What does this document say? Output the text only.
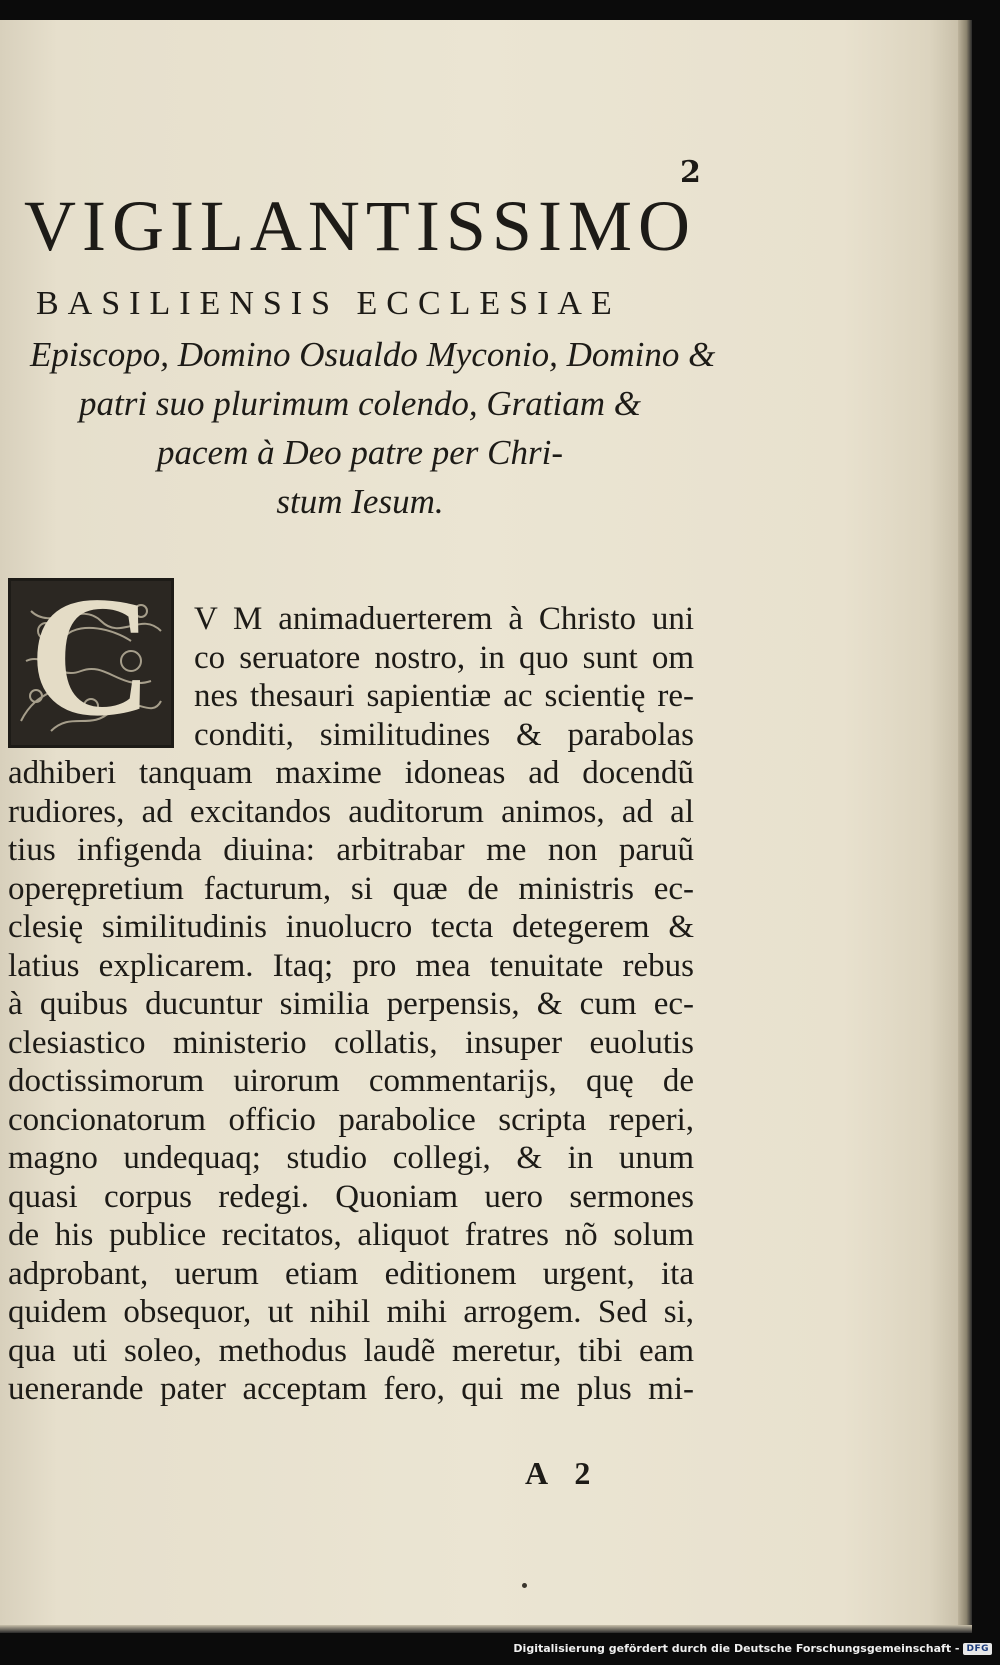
2
VIGILANTISSIMO
BASILIENSIS ECCLESIAE
Episcopo, Domino Osualdo Myconio, Domino &
patri suo plurimum colendo, Gratiam &
pacem à Deo patre per Chri-
stum Iesum.
C	V M animaduerterem à Christo uni
co seruatore nostro, in quo sunt om
nes thesauri sapientiæ ac scientię re-
conditi, similitudines & parabolas
adhiberi tanquam maxime idoneas ad docendũ
rudiores, ad excitandos auditorum animos, ad al
tius infigenda diuina: arbitrabar me non paruũ
operępretium facturum, si quæ de ministris ec-
clesię similitudinis inuolucro tecta detegerem &
latius explicarem. Itaq; pro mea tenuitate rebus
à quibus ducuntur similia perpensis, & cum ec-
clesiastico ministerio collatis, insuper euolutis
doctissimorum uirorum commentarijs, quę de
concionatorum officio parabolice scripta reperi,
magno undequaq; studio collegi, & in unum
quasi corpus redegi. Quoniam uero sermones
de his publice recitatos, aliquot fratres nõ solum
adprobant, uerum etiam editionem urgent, ita
quidem obsequor, ut nihil mihi arrogem. Sed si,
qua uti soleo, methodus laudẽ meretur, tibi eam
uenerande pater acceptam fero, qui me plus mi-
A 2
Digitalisierung gefördert durch die Deutsche Forschungsgemeinschaft - DFG
